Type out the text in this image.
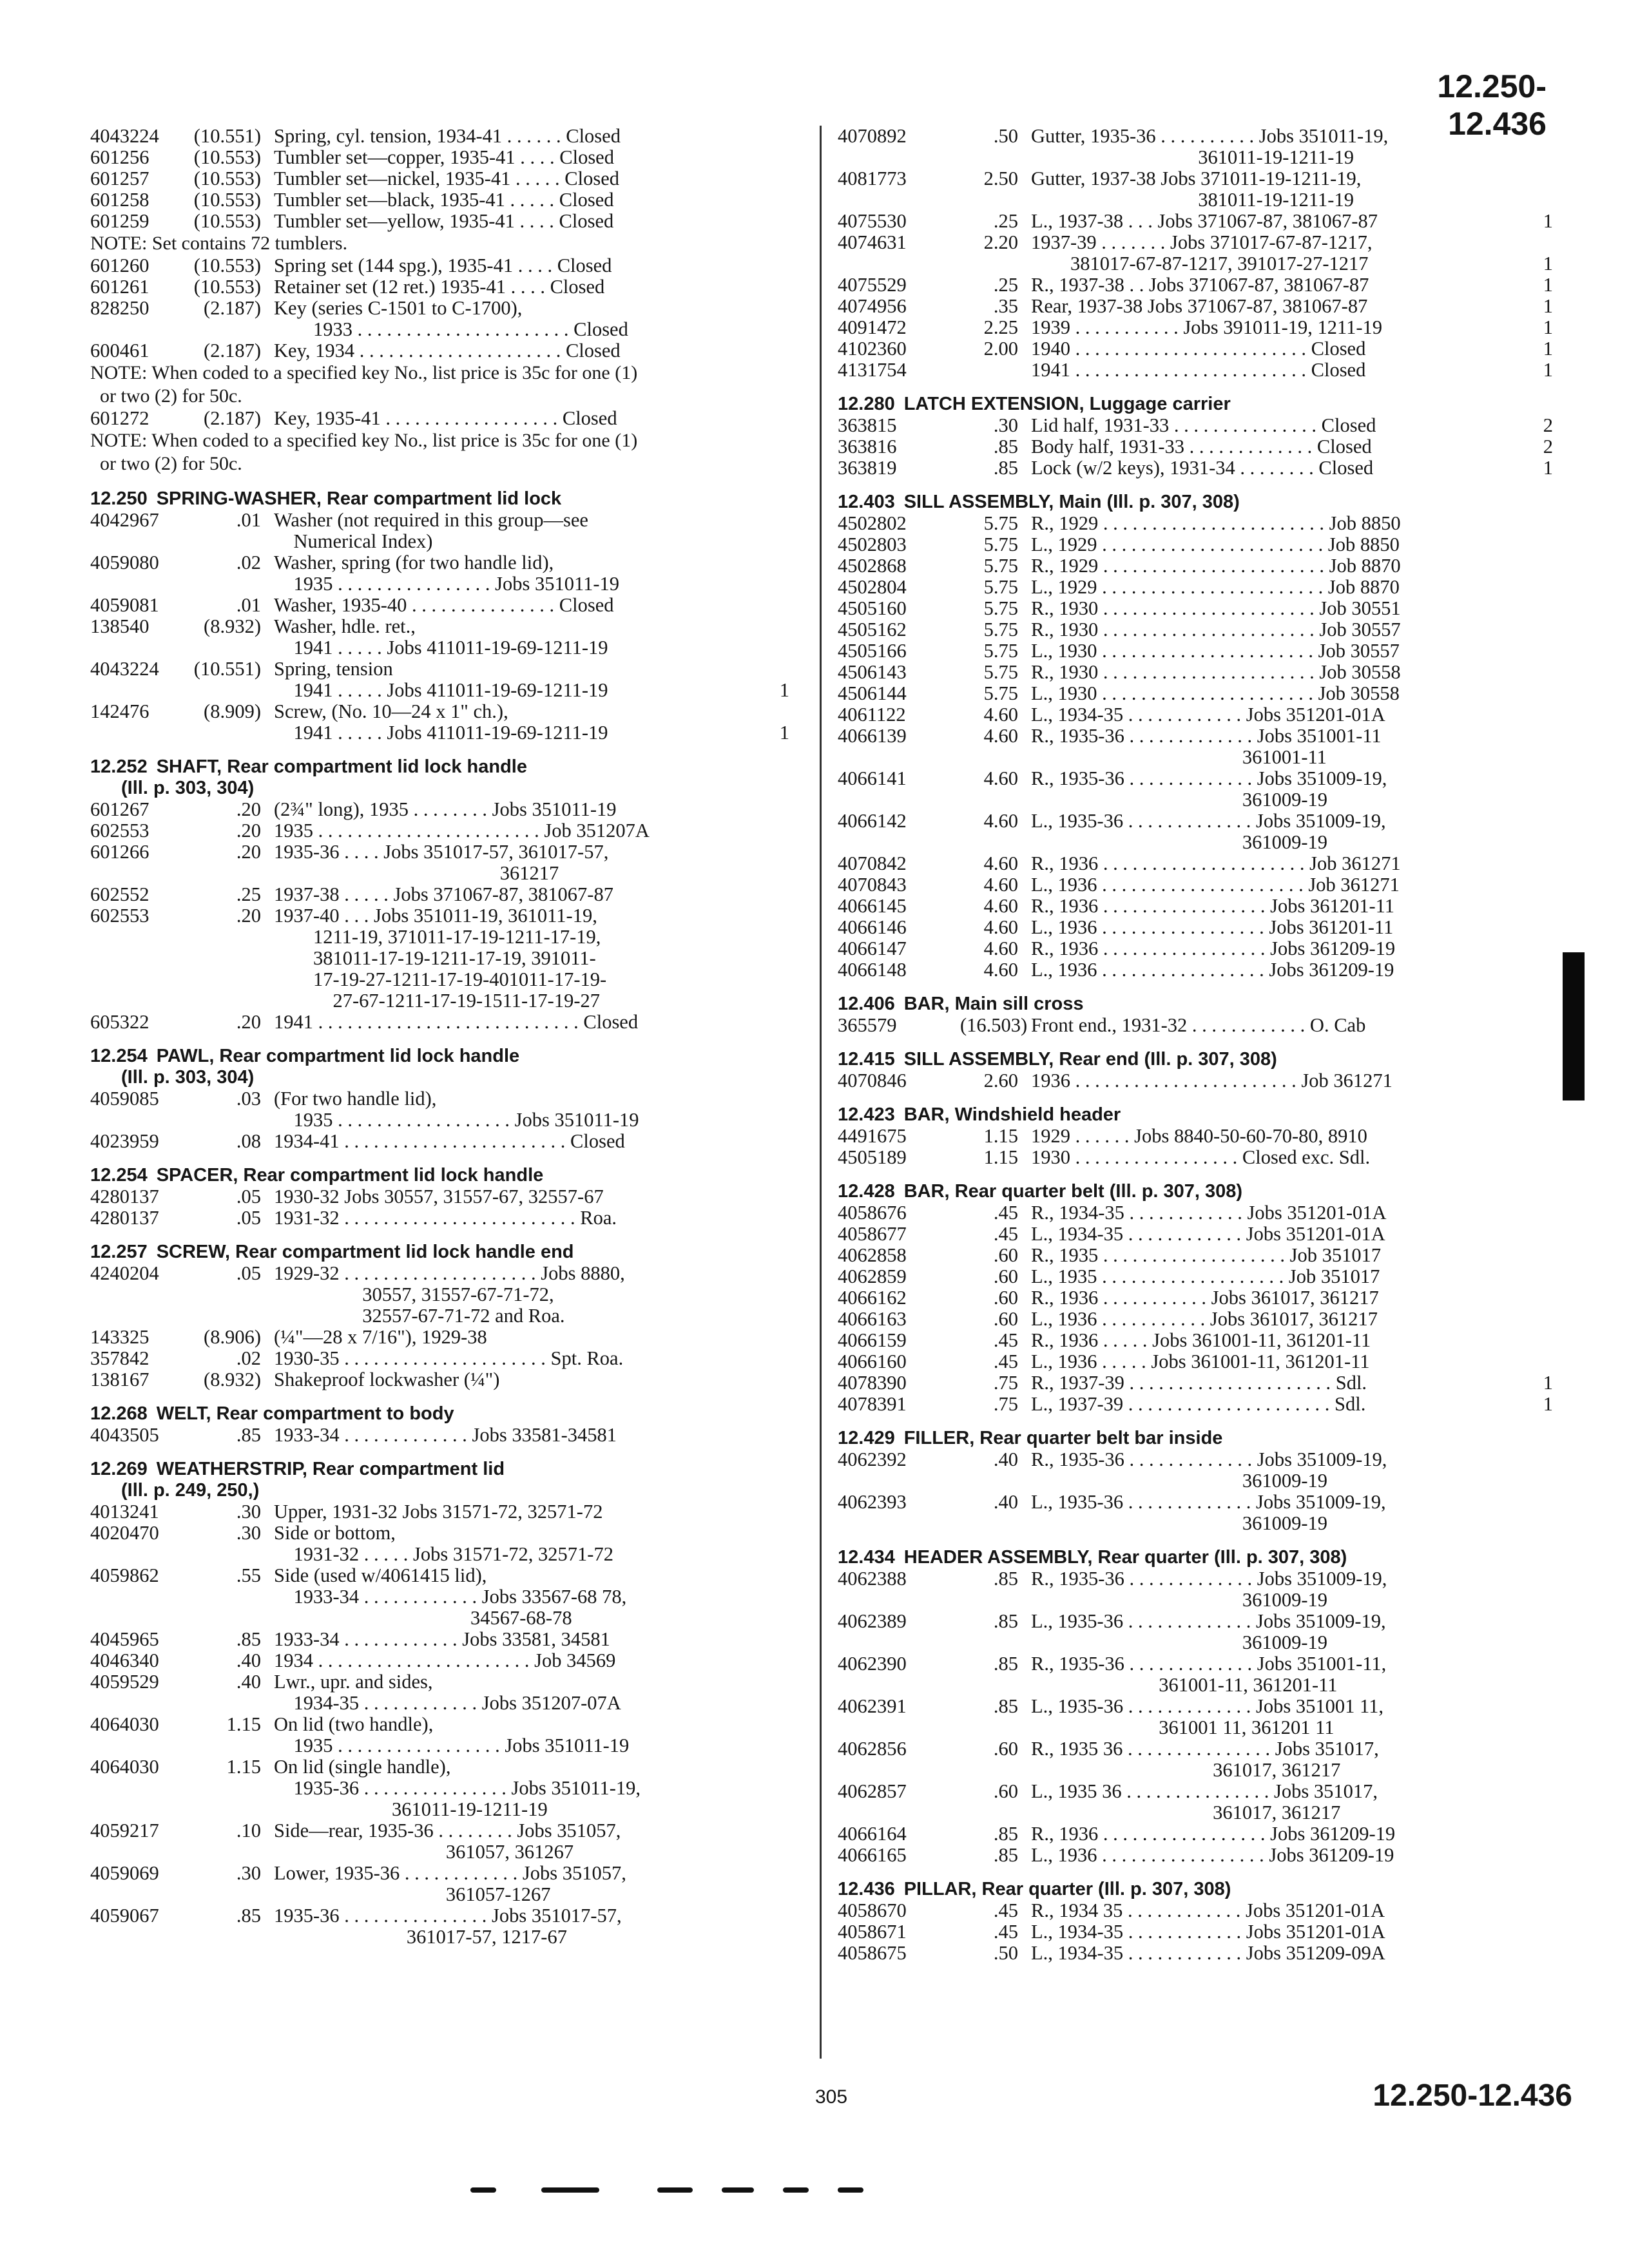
12.250-12.436
4043224	(10.551) Spring, cyl. tension, 1934-41 . . . . . . Closed
601256	(10.553) Tumbler set—copper, 1935-41 . . . . Closed
601257	(10.553) Tumbler set—nickel, 1935-41 . . . . . Closed
601258	(10.553) Tumbler set—black, 1935-41 . . . . . Closed
601259	(10.553) Tumbler set—yellow, 1935-41 . . . . Closed
NOTE: Set contains 72 tumblers.
601260	(10.553) Spring set (144 spg.), 1935-41 . . . . Closed
601261	(10.553) Retainer set (12 ret.) 1935-41 . . . . Closed
828250	(2.187) Key (series C-1501 to C-1700),
1933 . . . . . . . . . . . . . . . . . . . . . . Closed
600461	(2.187) Key, 1934 . . . . . . . . . . . . . . . . . . . . . Closed
NOTE: When coded to a specified key No., list price is 35c for one (1)
or two (2) for 50c.
601272	(2.187) Key, 1935-41 . . . . . . . . . . . . . . . . . . Closed
NOTE: When coded to a specified key No., list price is 35c for one (1)
or two (2) for 50c.
12.250 SPRING-WASHER, Rear compartment lid lock
4042967	.01 Washer (not required in this group—see
Numerical Index)
4059080	.02 Washer, spring (for two handle lid),
1935 . . . . . . . . . . . . . . . . Jobs 351011-19
4059081	.01 Washer, 1935-40 . . . . . . . . . . . . . . . Closed
138540	(8.932) Washer, hdle. ret.,
1941 . . . . . Jobs 411011-19-69-1211-19
4043224	(10.551) Spring, tension
1941 . . . . . Jobs 411011-19-69-1211-19	1
142476	(8.909) Screw, (No. 10—24 x 1" ch.),
1941 . . . . . Jobs 411011-19-69-1211-19	1
12.252 SHAFT, Rear compartment lid lock handle
(Ill. p. 303, 304)
601267	.20 (2¾" long), 1935 . . . . . . . . Jobs 351011-19
602553	.20 1935 . . . . . . . . . . . . . . . . . . . . . . . Job 351207A
601266	.20 1935-36 . . . . Jobs 351017-57, 361017-57,
361217
602552	.25 1937-38 . . . . . Jobs 371067-87, 381067-87
602553	.20 1937-40 . . . Jobs 351011-19, 361011-19,
1211-19, 371011-17-19-1211-17-19,
381011-17-19-1211-17-19, 391011-
17-19-27-1211-17-19-401011-17-19-
27-67-1211-17-19-1511-17-19-27
605322	.20 1941 . . . . . . . . . . . . . . . . . . . . . . . . . . . Closed
12.254 PAWL, Rear compartment lid lock handle
(Ill. p. 303, 304)
4059085	.03 (For two handle lid),
1935 . . . . . . . . . . . . . . . . . . Jobs 351011-19
4023959	.08 1934-41 . . . . . . . . . . . . . . . . . . . . . . . Closed
12.254 SPACER, Rear compartment lid lock handle
4280137	.05 1930-32 Jobs 30557, 31557-67, 32557-67
4280137	.05 1931-32 . . . . . . . . . . . . . . . . . . . . . . . . Roa.
12.257 SCREW, Rear compartment lid lock handle end
4240204	.05 1929-32 . . . . . . . . . . . . . . . . . . . . Jobs 8880,
30557, 31557-67-71-72,
32557-67-71-72 and Roa.
143325	(8.906) (¼"—28 x 7/16"), 1929-38
357842	.02 1930-35 . . . . . . . . . . . . . . . . . . . . . Spt. Roa.
138167	(8.932) Shakeproof lockwasher (¼")
12.268 WELT, Rear compartment to body
4043505	.85 1933-34 . . . . . . . . . . . . . Jobs 33581-34581
12.269 WEATHERSTRIP, Rear compartment lid
(Ill. p. 249, 250,)
4013241	.30 Upper, 1931-32 Jobs 31571-72, 32571-72
4020470	.30 Side or bottom,
1931-32 . . . . . Jobs 31571-72, 32571-72
4059862	.55 Side (used w/4061415 lid),
1933-34 . . . . . . . . . . . . Jobs 33567-68 78,
34567-68-78
4045965	.85 1933-34 . . . . . . . . . . . . Jobs 33581, 34581
4046340	.40 1934 . . . . . . . . . . . . . . . . . . . . . . Job 34569
4059529	.40 Lwr., upr. and sides,
1934-35 . . . . . . . . . . . . Jobs 351207-07A
4064030	1.15 On lid (two handle),
1935 . . . . . . . . . . . . . . . . . Jobs 351011-19
4064030	1.15 On lid (single handle),
1935-36 . . . . . . . . . . . . . . . Jobs 351011-19,
361011-19-1211-19
4059217	.10 Side—rear, 1935-36 . . . . . . . . Jobs 351057,
361057, 361267
4059069	.30 Lower, 1935-36 . . . . . . . . . . . . Jobs 351057,
361057-1267
4059067	.85 1935-36 . . . . . . . . . . . . . . . Jobs 351017-57,
361017-57, 1217-67
4070892	.50 Gutter, 1935-36 . . . . . . . . . . Jobs 351011-19,
361011-19-1211-19
4081773	2.50 Gutter, 1937-38 Jobs 371011-19-1211-19,
381011-19-1211-19
4075530	.25 L., 1937-38 . . . Jobs 371067-87, 381067-87	1
4074631	2.20 1937-39 . . . . . . . Jobs 371017-67-87-1217,
381017-67-87-1217, 391017-27-1217	1
4075529	.25 R., 1937-38 . . Jobs 371067-87, 381067-87	1
4074956	.35 Rear, 1937-38 Jobs 371067-87, 381067-87	1
4091472	2.25 1939 . . . . . . . . . . . Jobs 391011-19, 1211-19	1
4102360	2.00 1940 . . . . . . . . . . . . . . . . . . . . . . . . Closed	1
4131754	1941 . . . . . . . . . . . . . . . . . . . . . . . . Closed	1
12.280 LATCH EXTENSION, Luggage carrier
363815	.30 Lid half, 1931-33 . . . . . . . . . . . . . . . Closed	2
363816	.85 Body half, 1931-33 . . . . . . . . . . . . . Closed	2
363819	.85 Lock (w/2 keys), 1931-34 . . . . . . . . Closed	1
12.403 SILL ASSEMBLY, Main (Ill. p. 307, 308)
4502802	5.75 R., 1929 . . . . . . . . . . . . . . . . . . . . . . . Job 8850
4502803	5.75 L., 1929 . . . . . . . . . . . . . . . . . . . . . . . Job 8850
4502868	5.75 R., 1929 . . . . . . . . . . . . . . . . . . . . . . . Job 8870
4502804	5.75 L., 1929 . . . . . . . . . . . . . . . . . . . . . . . Job 8870
4505160	5.75 R., 1930 . . . . . . . . . . . . . . . . . . . . . . Job 30551
4505162	5.75 R., 1930 . . . . . . . . . . . . . . . . . . . . . . Job 30557
4505166	5.75 L., 1930 . . . . . . . . . . . . . . . . . . . . . . Job 30557
4506143	5.75 R., 1930 . . . . . . . . . . . . . . . . . . . . . . Job 30558
4506144	5.75 L., 1930 . . . . . . . . . . . . . . . . . . . . . . Job 30558
4061122	4.60 L., 1934-35 . . . . . . . . . . . . Jobs 351201-01A
4066139	4.60 R., 1935-36 . . . . . . . . . . . . . Jobs 351001-11
361001-11
4066141	4.60 R., 1935-36 . . . . . . . . . . . . . Jobs 351009-19,
361009-19
4066142	4.60 L., 1935-36 . . . . . . . . . . . . . Jobs 351009-19,
361009-19
4070842	4.60 R., 1936 . . . . . . . . . . . . . . . . . . . . . Job 361271
4070843	4.60 L., 1936 . . . . . . . . . . . . . . . . . . . . . Job 361271
4066145	4.60 R., 1936 . . . . . . . . . . . . . . . . . Jobs 361201-11
4066146	4.60 L., 1936 . . . . . . . . . . . . . . . . . Jobs 361201-11
4066147	4.60 R., 1936 . . . . . . . . . . . . . . . . . Jobs 361209-19
4066148	4.60 L., 1936 . . . . . . . . . . . . . . . . . Jobs 361209-19
12.406 BAR, Main sill cross
365579	(16.503) Front end., 1931-32 . . . . . . . . . . . . O. Cab
12.415 SILL ASSEMBLY, Rear end (Ill. p. 307, 308)
4070846	2.60 1936 . . . . . . . . . . . . . . . . . . . . . . . Job 361271
12.423 BAR, Windshield header
4491675	1.15 1929 . . . . . . Jobs 8840-50-60-70-80, 8910
4505189	1.15 1930 . . . . . . . . . . . . . . . . . Closed exc. Sdl.
12.428 BAR, Rear quarter belt (Ill. p. 307, 308)
4058676	.45 R., 1934-35 . . . . . . . . . . . . Jobs 351201-01A
4058677	.45 L., 1934-35 . . . . . . . . . . . . Jobs 351201-01A
4062858	.60 R., 1935 . . . . . . . . . . . . . . . . . . . Job 351017
4062859	.60 L., 1935 . . . . . . . . . . . . . . . . . . . Job 351017
4066162	.60 R., 1936 . . . . . . . . . . . Jobs 361017, 361217
4066163	.60 L., 1936 . . . . . . . . . . . Jobs 361017, 361217
4066159	.45 R., 1936 . . . . . Jobs 361001-11, 361201-11
4066160	.45 L., 1936 . . . . . Jobs 361001-11, 361201-11
4078390	.75 R., 1937-39 . . . . . . . . . . . . . . . . . . . . . Sdl.	1
4078391	.75 L., 1937-39 . . . . . . . . . . . . . . . . . . . . . Sdl.	1
12.429 FILLER, Rear quarter belt bar inside
4062392	.40 R., 1935-36 . . . . . . . . . . . . . Jobs 351009-19,
361009-19
4062393	.40 L., 1935-36 . . . . . . . . . . . . . Jobs 351009-19,
361009-19
12.434 HEADER ASSEMBLY, Rear quarter (Ill. p. 307, 308)
4062388	.85 R., 1935-36 . . . . . . . . . . . . . Jobs 351009-19,
361009-19
4062389	.85 L., 1935-36 . . . . . . . . . . . . . Jobs 351009-19,
361009-19
4062390	.85 R., 1935-36 . . . . . . . . . . . . . Jobs 351001-11,
361001-11, 361201-11
4062391	.85 L., 1935-36 . . . . . . . . . . . . . Jobs 351001 11,
361001 11, 361201 11
4062856	.60 R., 1935 36 . . . . . . . . . . . . . . . Jobs 351017,
361017, 361217
4062857	.60 L., 1935 36 . . . . . . . . . . . . . . . Jobs 351017,
361017, 361217
4066164	.85 R., 1936 . . . . . . . . . . . . . . . . . Jobs 361209-19
4066165	.85 L., 1936 . . . . . . . . . . . . . . . . . Jobs 361209-19
12.436 PILLAR, Rear quarter (Ill. p. 307, 308)
4058670	.45 R., 1934 35 . . . . . . . . . . . . Jobs 351201-01A
4058671	.45 L., 1934-35 . . . . . . . . . . . . Jobs 351201-01A
4058675	.50 L., 1934-35 . . . . . . . . . . . . Jobs 351209-09A
305	12.250-12.436
